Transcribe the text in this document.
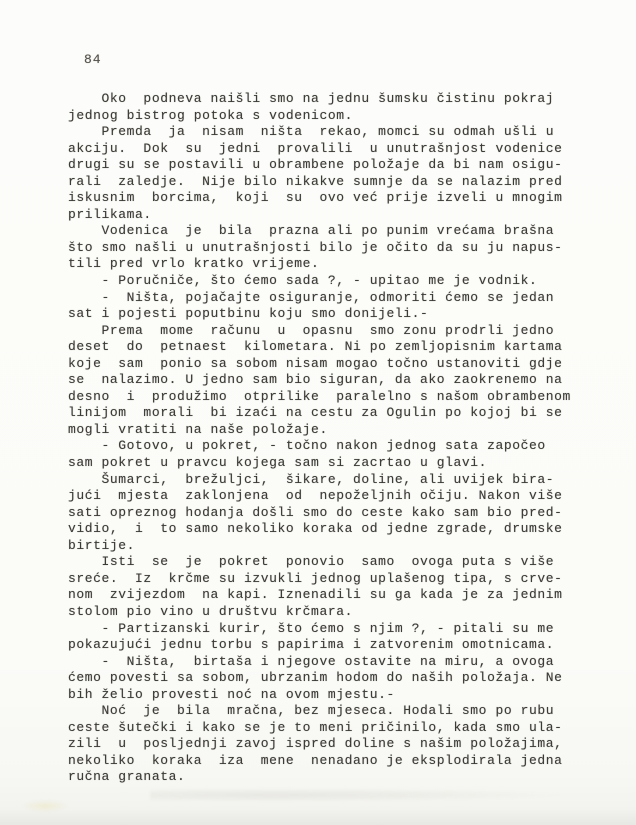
84
Oko  podneva naišli smo na jednu šumsku čistinu pokraj
jednog bistrog potoka s vodenicom.
Premda  ja  nisam  ništa  rekao, momci su odmah ušli u
akciju.  Dok  su  jedni  provalili  u unutrašnjost vodenice
drugi su se postavili u obrambene položaje da bi nam osigu-
rali  zaledje.  Nije bilo nikakve sumnje da se nalazim pred
iskusnim  borcima,  koji  su  ovo već prije izveli u mnogim
prilikama.
Vodenica  je  bila  prazna ali po punim vrećama brašna
što smo našli u unutrašnjosti bilo je očito da su ju napus-
tili pred vrlo kratko vrijeme.
- Poručniče, što ćemo sada ?, - upitao me je vodnik.
-  Ništa, pojačajte osiguranje, odmoriti ćemo se jedan
sat i pojesti poputbinu koju smo donijeli.-
Prema  mome  računu  u  opasnu  smo zonu prodrli jedno
deset  do  petnaest  kilometara. Ni po zemljopisnim kartama
koje  sam  ponio sa sobom nisam mogao točno ustanoviti gdje
se  nalazimo. U jedno sam bio siguran, da ako zaokrenemo na
desno  i  produžimo  otprilike  paralelno s našom obrambenom
linijom  morali  bi izaći na cestu za Ogulin po kojoj bi se
mogli vratiti na naše položaje.
- Gotovo, u pokret, - točno nakon jednog sata započeo
sam pokret u pravcu kojega sam si zacrtao u glavi.
Šumarci,  brežuljci,  šikare, doline, ali uvijek bira-
jući  mjesta  zaklonjena  od  nepoželjnih očiju. Nakon više
sati opreznog hodanja došli smo do ceste kako sam bio pred-
vidio,  i  to samo nekoliko koraka od jedne zgrade, drumske
birtije.
Isti  se  je  pokret  ponovio  samo  ovoga puta s više
sreće.  Iz  krčme su izvukli jednog uplašenog tipa, s crve-
nom  zvijezdom  na kapi. Iznenadili su ga kada je za jednim
stolom pio vino u društvu krčmara.
- Partizanski kurir, što ćemo s njim ?, - pitali su me
pokazujući jednu torbu s papirima i zatvorenim omotnicama.
-  Ništa,  birtaša i njegove ostavite na miru, a ovoga
ćemo povesti sa sobom, ubrzanim hodom do naših položaja. Ne
bih želio provesti noć na ovom mjestu.-
Noć  je  bila  mračna, bez mjeseca. Hodali smo po rubu
ceste šutečki i kako se je to meni pričinilo, kada smo ula-
zili  u  posljednji zavoj ispred doline s našim položajima,
nekoliko  koraka  iza  mene  nenadano je eksplodirala jedna
ručna granata.
